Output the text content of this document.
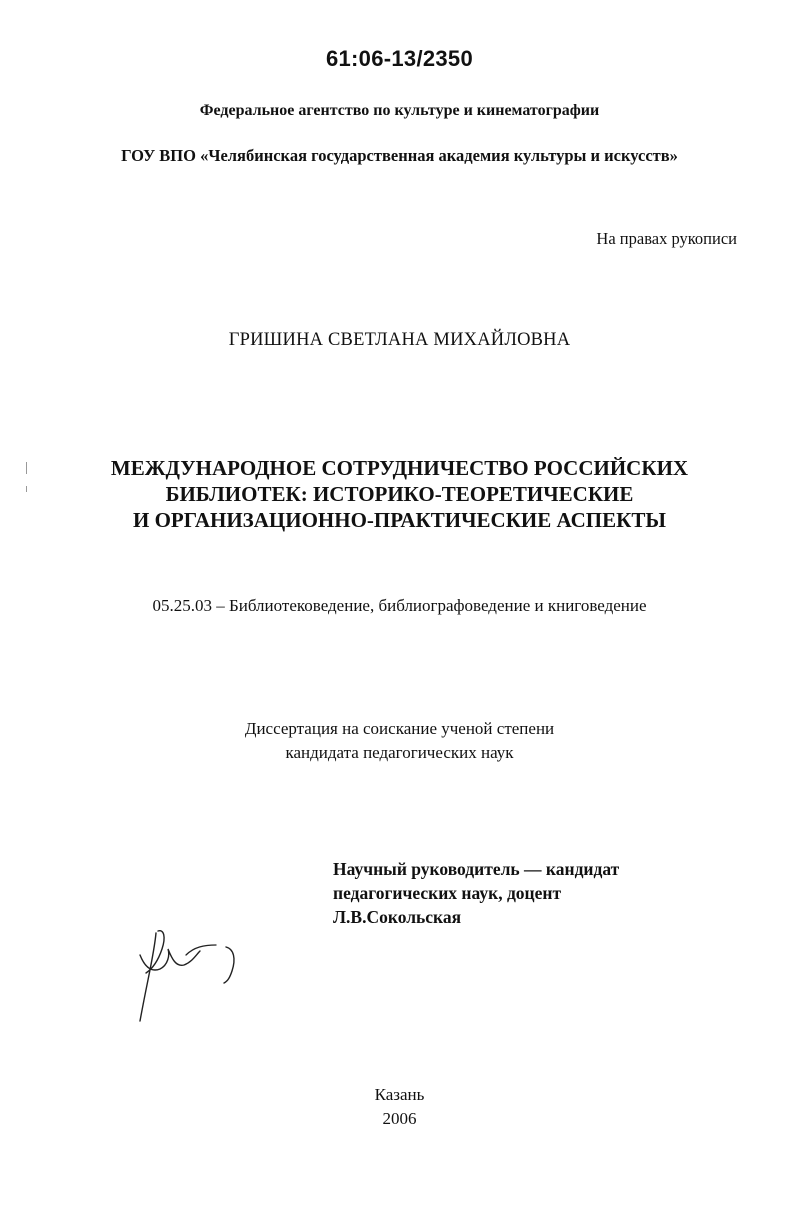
61:06-13/2350
Федеральное агентство по культуре и кинематографии
ГОУ ВПО «Челябинская государственная академия культуры и искусств»
На правах рукописи
ГРИШИНА СВЕТЛАНА МИХАЙЛОВНА
МЕЖДУНАРОДНОЕ СОТРУДНИЧЕСТВО РОССИЙСКИХ
БИБЛИОТЕК: ИСТОРИКО-ТЕОРЕТИЧЕСКИЕ
И ОРГАНИЗАЦИОННО-ПРАКТИЧЕСКИЕ АСПЕКТЫ
05.25.03 – Библиотековедение, библиографоведение и книговедение
Диссертация на соискание ученой степени
кандидата педагогических наук
Научный руководитель — кандидат
педагогических наук, доцент
Л.В.Сокольская
Казань
2006
